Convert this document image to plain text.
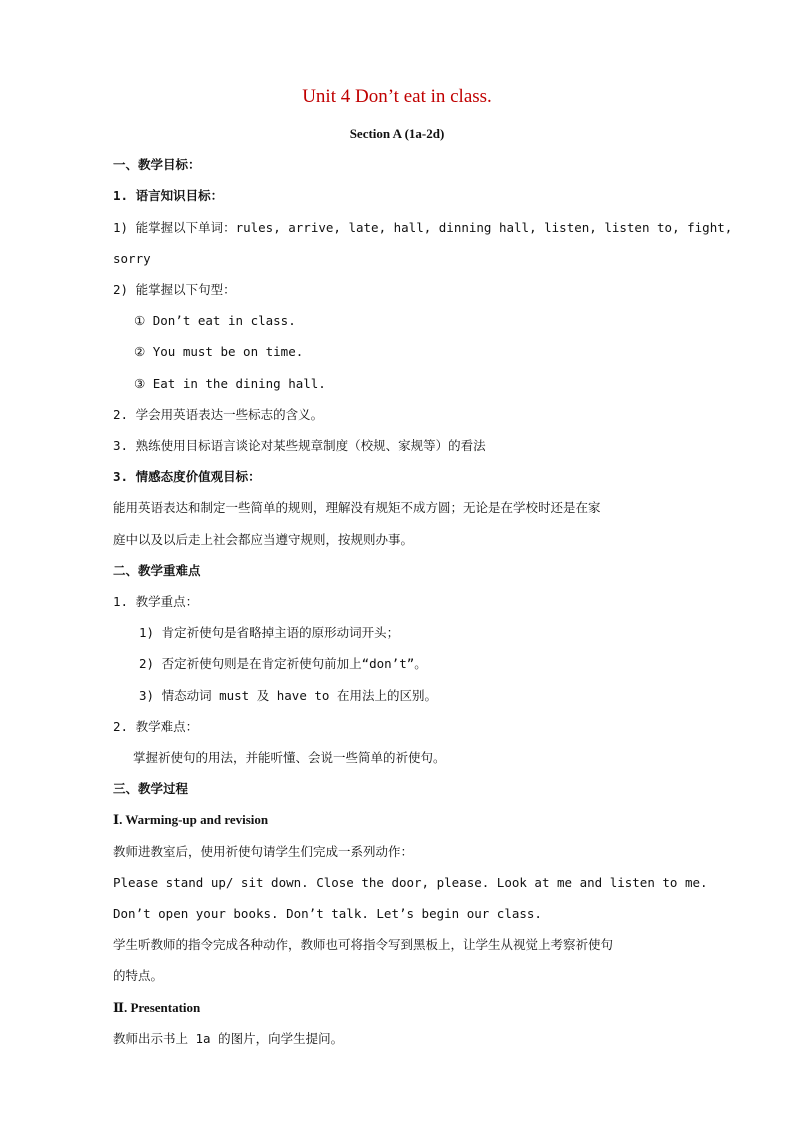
Unit 4 Don’t eat in class.
Section A (1a-2d)
一、教学目标：
1. 语言知识目标：
1) 能掌握以下单词：rules, arrive, late, hall, dinning hall, listen, listen to, fight,
sorry
2) 能掌握以下句型：
① Don’t eat in class.
② You must be on time.
③ Eat in the dining hall.
2. 学会用英语表达一些标志的含义。
3. 熟练使用目标语言谈论对某些规章制度（校规、家规等）的看法
3. 情感态度价值观目标：
能用英语表达和制定一些简单的规则，理解没有规矩不成方圆；无论是在学校时还是在家
庭中以及以后走上社会都应当遵守规则，按规则办事。
二、教学重难点
1. 教学重点：
1) 肯定祈使句是省略掉主语的原形动词开头；
2) 否定祈使句则是在肯定祈使句前加上“don’t”。
3) 情态动词 must 及 have to 在用法上的区别。
2. 教学难点：
掌握祈使句的用法，并能听懂、会说一些简单的祈使句。
三、教学过程
Ⅰ. Warming-up and revision
教师进教室后，使用祈使句请学生们完成一系列动作：
Please stand up/ sit down. Close the door, please. Look at me and listen to me.
Don’t open your books. Don’t talk. Let’s begin our class.
学生听教师的指令完成各种动作，教师也可将指令写到黑板上，让学生从视觉上考察祈使句
的特点。
Ⅱ. Presentation
教师出示书上 1a 的图片，向学生提问。
